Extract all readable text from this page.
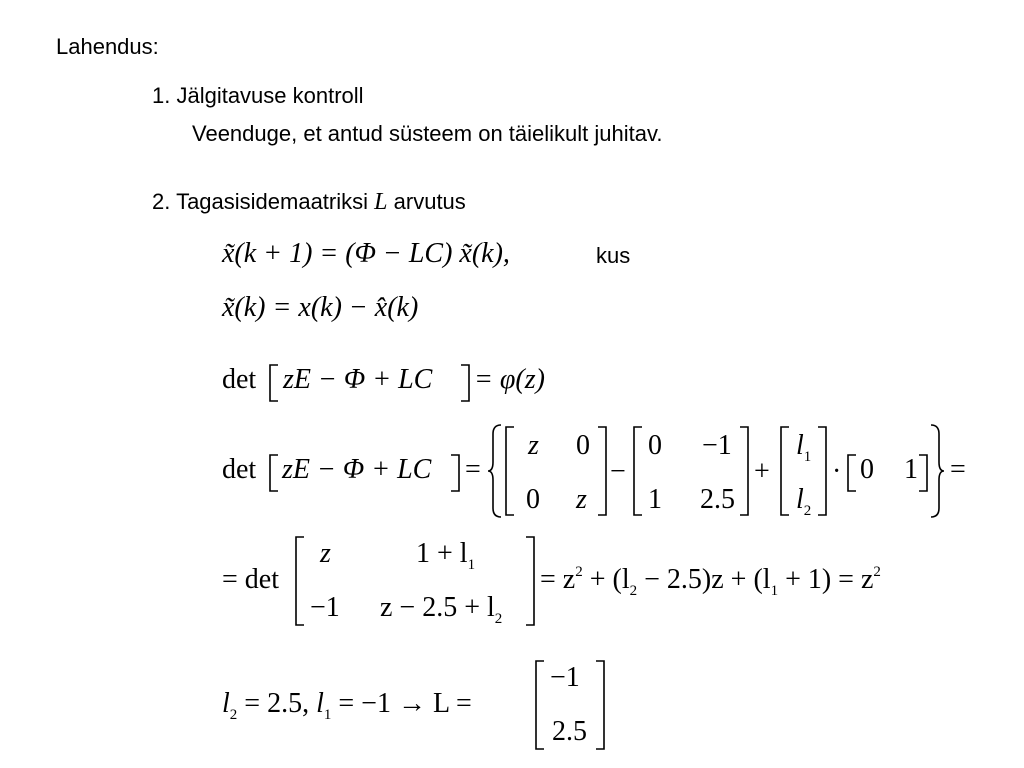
Lahendus:
1. Jälgitavuse kontroll
Veenduge, et antud süsteem on täielikult juhitav.
2. Tagasisidemaatriksi L arvutus
x̃(k + 1) = (Φ − LC) x̃(k),	kus
x̃(k) = x(k) − x̂(k)
det zE − Φ + LC = φ(z)
det zE − Φ + LC =
z 0
0 z
−
0 −1
1 2.5
+
$l_1$
$l_2$
· 0 1 =
= det
z	$1 + l_1$
−1 $z - 2.5 + l_2$
= $z^2 + (l_2 - 2.5)z + (l_1 + 1) = z^2$
$l_2 = 2.5$, $l_1 = -1 \to L$ =
−1
2.5
